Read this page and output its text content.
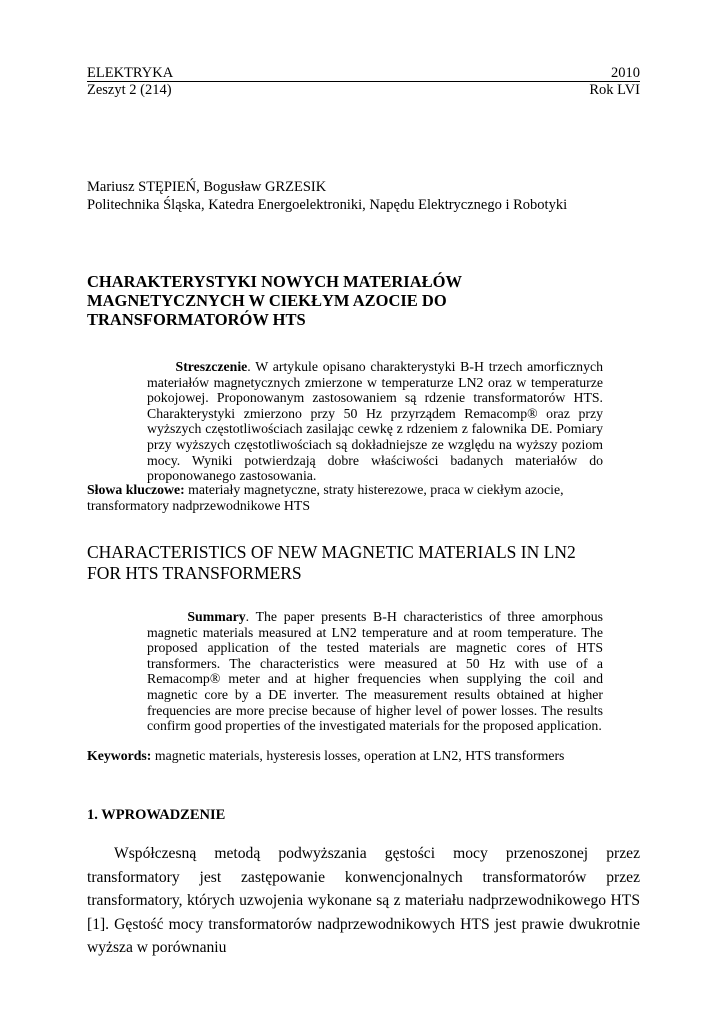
ELEKTRYKA	2010
Zeszyt 2 (214)	Rok LVI
Mariusz STĘPIEŃ, Bogusław GRZESIK
Politechnika Śląska, Katedra Energoelektroniki, Napędu Elektrycznego i Robotyki
CHARAKTERYSTYKI NOWYCH MATERIAŁÓW
MAGNETYCZNYCH W CIEKŁYM AZOCIE DO
TRANSFORMATORÓW HTS

Streszczenie. W artykule opisano charakterystyki B-H trzech amorficznych materiałów magnetycznych zmierzone w temperaturze LN2 oraz w temperaturze pokojowej. Proponowanym zastosowaniem są rdzenie transformatorów HTS. Charakterystyki zmierzono przy 50 Hz przyrządem Remacomp® oraz przy wyższych częstotliwościach zasilając cewkę z rdzeniem z falownika DE. Pomiary przy wyższych częstotliwościach są dokładniejsze ze względu na wyższy poziom mocy. Wyniki potwierdzają dobre właściwości badanych materiałów do proponowanego zastosowania.

Słowa kluczowe: materiały magnetyczne, straty histerezowe, praca w ciekłym azocie, transformatory nadprzewodnikowe HTS

CHARACTERISTICS OF NEW MAGNETIC MATERIALS IN LN2
FOR HTS TRANSFORMERS

Summary. The paper presents B-H characteristics of three amorphous magnetic materials measured at LN2 temperature and at room temperature. The proposed application of the tested materials are magnetic cores of HTS transformers. The characteristics were measured at 50 Hz with use of a Remacomp® meter and at higher frequencies when supplying the coil and magnetic core by a DE inverter. The measurement results obtained at higher frequencies are more precise because of higher level of power losses. The results confirm good properties of the investigated materials for the proposed application.

Keywords: magnetic materials, hysteresis losses, operation at LN2, HTS transformers

1. WPROWADZENIE

Współczesną metodą podwyższania gęstości mocy przenoszonej przez transformatory jest zastępowanie konwencjonalnych transformatorów przez transformatory, których uzwojenia wykonane są z materiału nadprzewodnikowego HTS [1]. Gęstość mocy transformatorów nadprzewodnikowych HTS jest prawie dwukrotnie wyższa w porównaniu
